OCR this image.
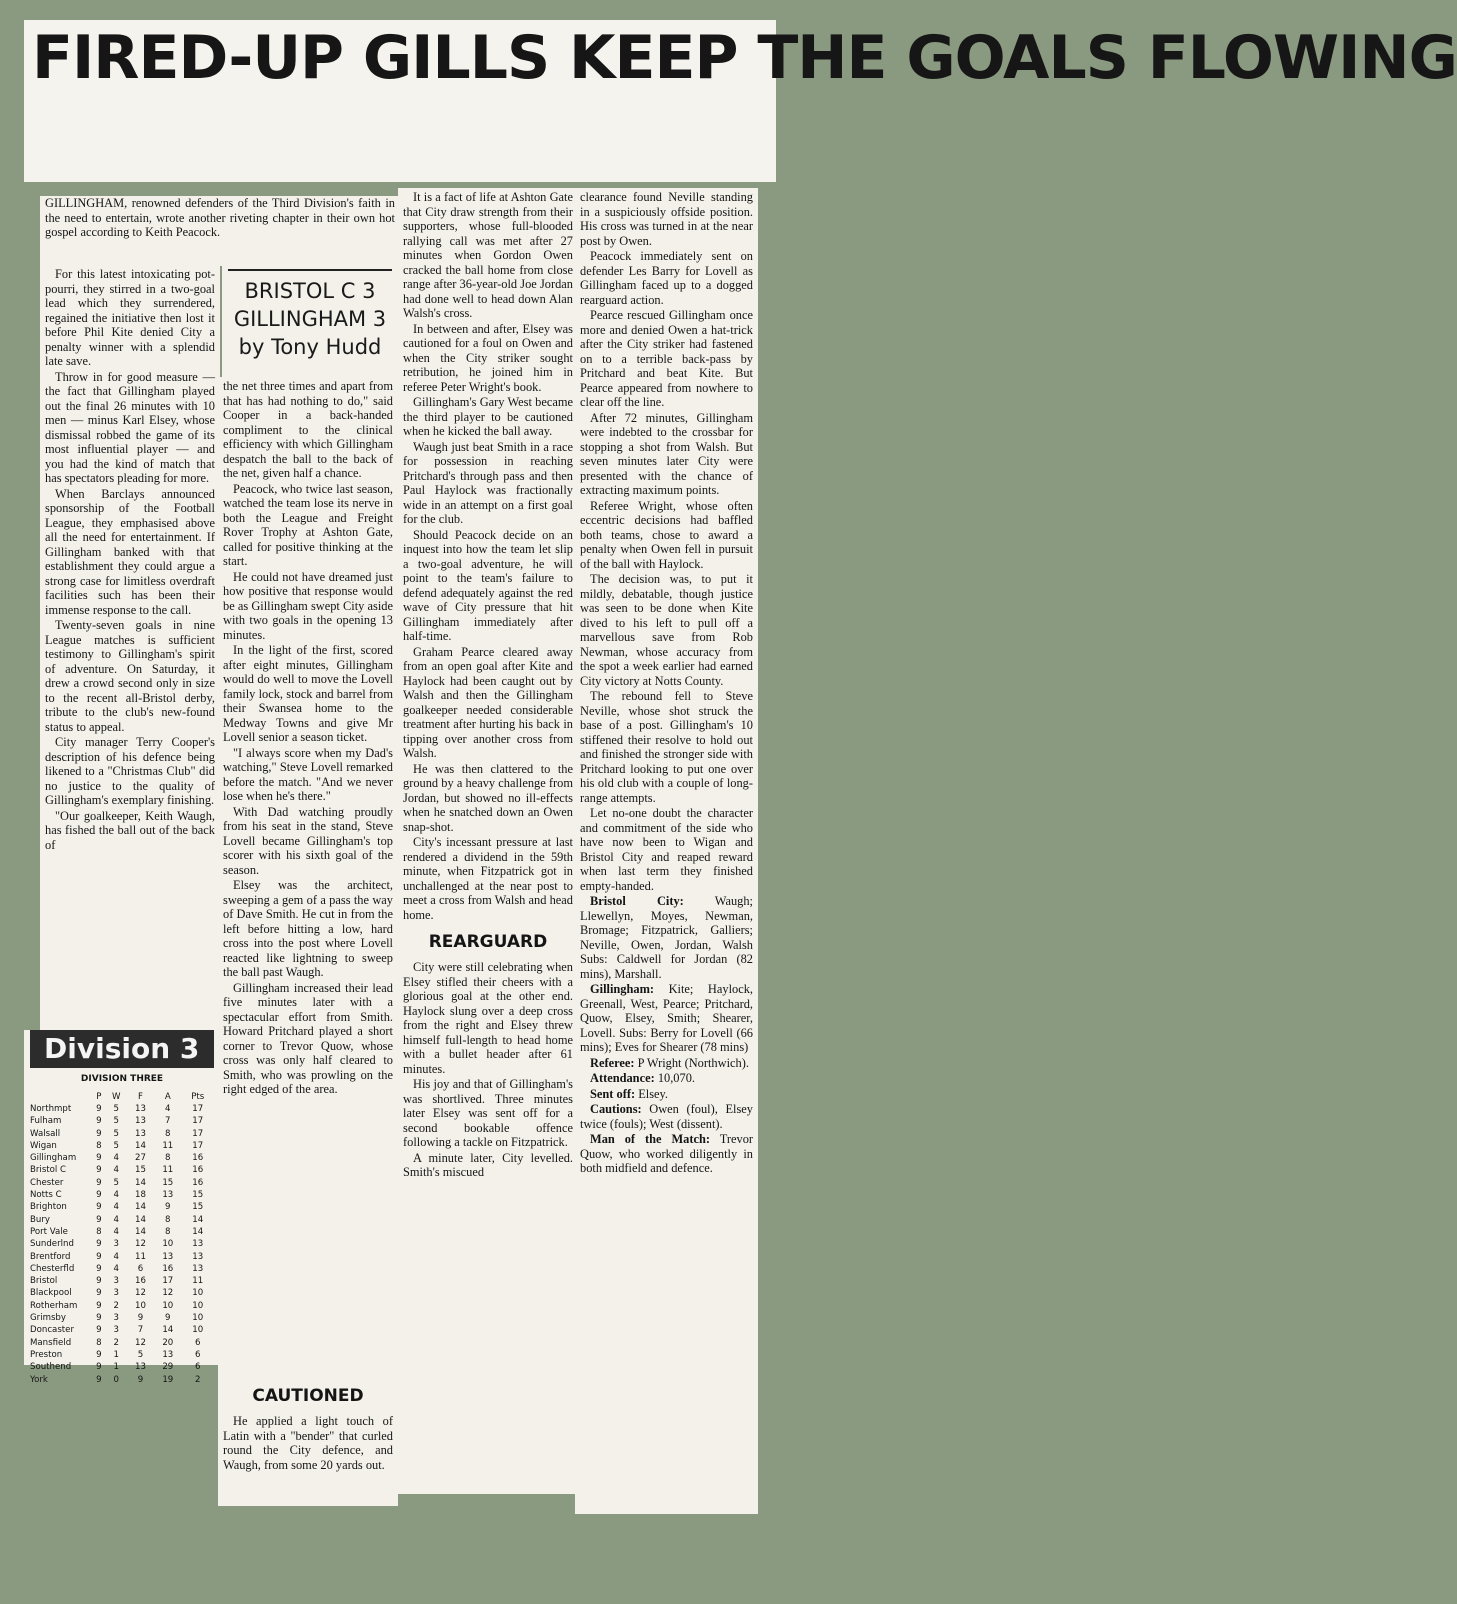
FIRED-UP GILLS KEEP THE GOALS FLOWING

GILLINGHAM, renowned defenders of the Third Division's faith in the need to entertain, wrote another riveting chapter in their own hot gospel according to Keith Peacock.

For this latest intoxicating pot-pourri, they stirred in a two-goal lead which they surrendered, regained the initiative then lost it before Phil Kite denied City a penalty winner with a splendid late save.

Throw in for good measure — the fact that Gillingham played out the final 26 minutes with 10 men — minus Karl Elsey, whose dismissal robbed the game of its most influential player — and you had the kind of match that has spectators pleading for more.

When Barclays announced sponsorship of the Football League, they emphasised above all the need for entertainment. If Gillingham banked with that establishment they could argue a strong case for limitless overdraft facilities such has been their immense response to the call.

Twenty-seven goals in nine League matches is sufficient testimony to Gillingham's spirit of adventure. On Saturday, it drew a crowd second only in size to the recent all-Bristol derby, tribute to the club's new-found status to appeal.

City manager Terry Cooper's description of his defence being likened to a "Christmas Club" did no justice to the quality of Gillingham's exemplary finishing.

"Our goalkeeper, Keith Waugh, has fished the ball out of the back of

BRISTOL C 3
GILLINGHAM 3
by Tony Hudd

the net three times and apart from that has had nothing to do," said Cooper in a back-handed compliment to the clinical efficiency with which Gillingham despatch the ball to the back of the net, given half a chance.

Peacock, who twice last season, watched the team lose its nerve in both the League and Freight Rover Trophy at Ashton Gate, called for positive thinking at the start.

He could not have dreamed just how positive that response would be as Gillingham swept City aside with two goals in the opening 13 minutes.

In the light of the first, scored after eight minutes, Gillingham would do well to move the Lovell family lock, stock and barrel from their Swansea home to the Medway Towns and give Mr Lovell senior a season ticket.

"I always score when my Dad's watching," Steve Lovell remarked before the match. "And we never lose when he's there."

With Dad watching proudly from his seat in the stand, Steve Lovell became Gillingham's top scorer with his sixth goal of the season.

Elsey was the architect, sweeping a gem of a pass the way of Dave Smith. He cut in from the left before hitting a low, hard cross into the post where Lovell reacted like lightning to sweep the ball past Waugh.

Gillingham increased their lead five minutes later with a spectacular effort from Smith. Howard Pritchard played a short corner to Trevor Quow, whose cross was only half cleared to Smith, who was prowling on the right edged of the area.

CAUTIONED

He applied a light touch of Latin with a "bender" that curled round the City defence, and Waugh, from some 20 yards out.

It is a fact of life at Ashton Gate that City draw strength from their supporters, whose full-blooded rallying call was met after 27 minutes when Gordon Owen cracked the ball home from close range after 36-year-old Joe Jordan had done well to head down Alan Walsh's cross.

In between and after, Elsey was cautioned for a foul on Owen and when the City striker sought retribution, he joined him in referee Peter Wright's book.

Gillingham's Gary West became the third player to be cautioned when he kicked the ball away.

Waugh just beat Smith in a race for possession in reaching Pritchard's through pass and then Paul Haylock was fractionally wide in an attempt on a first goal for the club.

Should Peacock decide on an inquest into how the team let slip a two-goal adventure, he will point to the team's failure to defend adequately against the red wave of City pressure that hit Gillingham immediately after half-time.

Graham Pearce cleared away from an open goal after Kite and Haylock had been caught out by Walsh and then the Gillingham goalkeeper needed considerable treatment after hurting his back in tipping over another cross from Walsh.

He was then clattered to the ground by a heavy challenge from Jordan, but showed no ill-effects when he snatched down an Owen snap-shot.

City's incessant pressure at last rendered a dividend in the 59th minute, when Fitzpatrick got in unchallenged at the near post to meet a cross from Walsh and head home.

REARGUARD

City were still celebrating when Elsey stifled their cheers with a glorious goal at the other end. Haylock slung over a deep cross from the right and Elsey threw himself full-length to head home with a bullet header after 61 minutes.

His joy and that of Gillingham's was shortlived. Three minutes later Elsey was sent off for a second bookable offence following a tackle on Fitzpatrick.

A minute later, City levelled. Smith's miscued

clearance found Neville standing in a suspiciously offside position. His cross was turned in at the near post by Owen.

Peacock immediately sent on defender Les Barry for Lovell as Gillingham faced up to a dogged rearguard action.

Pearce rescued Gillingham once more and denied Owen a hat-trick after the City striker had fastened on to a terrible back-pass by Pritchard and beat Kite. But Pearce appeared from nowhere to clear off the line.

After 72 minutes, Gillingham were indebted to the crossbar for stopping a shot from Walsh. But seven minutes later City were presented with the chance of extracting maximum points.

Referee Wright, whose often eccentric decisions had baffled both teams, chose to award a penalty when Owen fell in pursuit of the ball with Haylock.

The decision was, to put it mildly, debatable, though justice was seen to be done when Kite dived to his left to pull off a marvellous save from Rob Newman, whose accuracy from the spot a week earlier had earned City victory at Notts County.

The rebound fell to Steve Neville, whose shot struck the base of a post. Gillingham's 10 stiffened their resolve to hold out and finished the stronger side with Pritchard looking to put one over his old club with a couple of long-range attempts.

Let no-one doubt the character and commitment of the side who have now been to Wigan and Bristol City and reaped reward when last term they finished empty-handed.

Bristol City: Waugh; Llewellyn, Moyes, Newman, Bromage; Fitzpatrick, Galliers; Neville, Owen, Jordan, Walsh Subs: Caldwell for Jordan (82 mins), Marshall.

Gillingham: Kite; Haylock, Greenall, West, Pearce; Pritchard, Quow, Elsey, Smith; Shearer, Lovell. Subs: Berry for Lovell (66 mins); Eves for Shearer (78 mins)

Referee: P Wright (Northwich).

Attendance: 10,070.

Sent off: Elsey.

Cautions: Owen (foul), Elsey twice (fouls); West (dissent).

Man of the Match: Trevor Quow, who worked diligently in both midfield and defence.

Division 3
DIVISION THREE
	P	W	F	A	Pts
Northmpt	9	5	13	4	17
Fulham	9	5	13	7	17
Walsall	9	5	13	8	17
Wigan	8	5	14	11	17
Gillingham	9	4	27	8	16
Bristol C	9	4	15	11	16
Chester	9	5	14	15	16
Notts C	9	4	18	13	15
Brighton	9	4	14	9	15
Bury	9	4	14	8	14
Port Vale	8	4	14	8	14
Sunderlnd	9	3	12	10	13
Brentford	9	4	11	13	13
Chesterfld	9	4	6	16	13
Bristol	9	3	16	17	11
Blackpool	9	3	12	12	10
Rotherham	9	2	10	10	10
Grimsby	9	3	9	9	10
Doncaster	9	3	7	14	10
Mansfield	8	2	12	20	6
Preston	9	1	5	13	6
Southend	9	1	13	29	6
York	9	0	9	19	2
